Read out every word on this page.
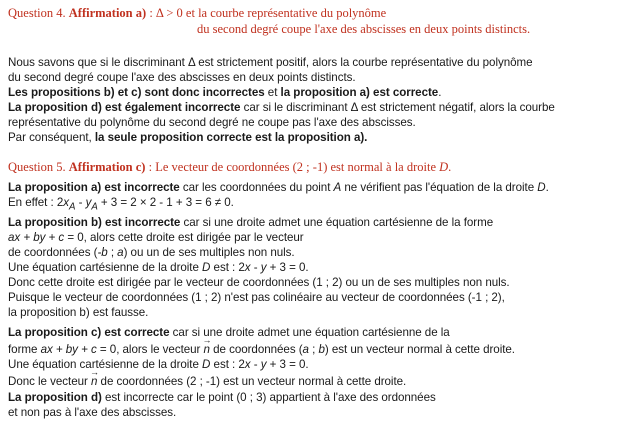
Question 4. Affirmation a) : Δ > 0 et la courbe représentative du polynôme
du second degré coupe l'axe des abscisses en deux points distincts.
Nous savons que si le discriminant Δ est strictement positif, alors la courbe représentative du polynôme
du second degré coupe l'axe des abscisses en deux points distincts.
Les propositions b) et c) sont donc incorrectes et la proposition a) est correcte.
La proposition d) est également incorrecte car si le discriminant Δ est strictement négatif, alors la courbe
représentative du polynôme du second degré ne coupe pas l'axe des abscisses.
Par conséquent, la seule proposition correcte est la proposition a).
Question 5. Affirmation c) : Le vecteur de coordonnées (2 ; -1) est normal à la droite D.
La proposition a) est incorrecte car les coordonnées du point A ne vérifient pas l'équation de la droite D.
En effet : $2x_A - y_A + 3 = 2 \times 2 - 1 + 3 = 6 \ne 0$.
La proposition b) est incorrecte car si une droite admet une équation cartésienne de la forme
ax + by + c = 0, alors cette droite est dirigée par le vecteur
de coordonnées (-b ; a) ou un de ses multiples non nuls.
Une équation cartésienne de la droite D est : 2x - y + 3 = 0.
Donc cette droite est dirigée par le vecteur de coordonnées (1 ; 2) ou un de ses multiples non nuls.
Puisque le vecteur de coordonnées (1 ; 2) n'est pas colinéaire au vecteur de coordonnées (-1 ; 2),
la proposition b) est fausse.
La proposition c) est correcte car si une droite admet une équation cartésienne de la
forme ax + by + c = 0, alors le vecteur → n de coordonnées (a ; b) est un vecteur normal à cette droite.
Une équation cartésienne de la droite D est : 2x - y + 3 = 0.
Donc le vecteur → n de coordonnées (2 ; -1) est un vecteur normal à cette droite.
La proposition d) est incorrecte car le point (0 ; 3) appartient à l'axe des ordonnées
et non pas à l'axe des abscisses.
